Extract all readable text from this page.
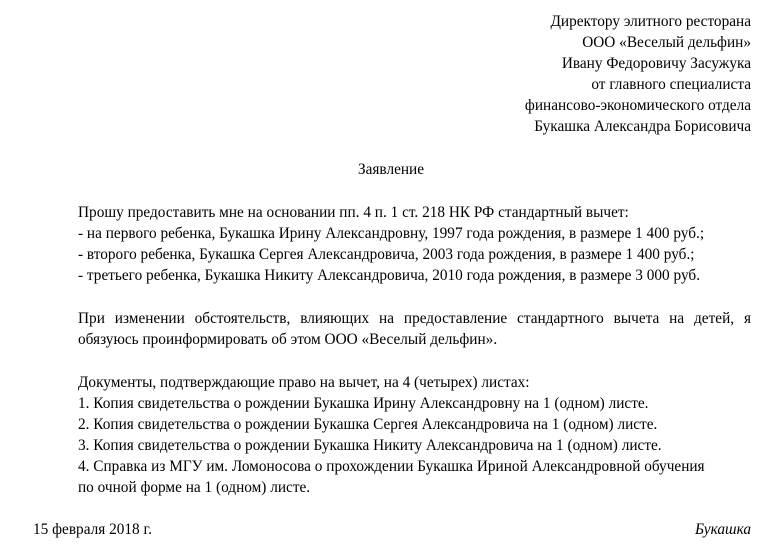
Директору элитного ресторана
ООО «Веселый дельфин»
Ивану Федоровичу Засужука
от главного специалиста
финансово-экономического отдела
Букашка Александра Борисовича
Заявление
Прошу предоставить мне на основании пп. 4 п. 1 ст. 218 НК РФ стандартный вычет:
- на первого ребенка, Букашка Ирину Александровну, 1997 года рождения, в размере 1 400 руб.;
- второго ребенка, Букашка Сергея Александровича, 2003 года рождения, в размере 1 400 руб.;
- третьего ребенка, Букашка Никиту Александровича, 2010 года рождения, в размере 3 000 руб.
При изменении обстоятельств, влияющих на предоставление стандартного вычета на детей, я
обязуюсь проинформировать об этом ООО «Веселый дельфин».
Документы, подтверждающие право на вычет, на 4 (четырех) листах:
1. Копия свидетельства о рождении Букашка Ирину Александровну на 1 (одном) листе.
2. Копия свидетельства о рождении Букашка Сергея Александровича на 1 (одном) листе.
3. Копия свидетельства о рождении Букашка Никиту Александровича на 1 (одном) листе.
4. Справка из МГУ им. Ломоносова о прохождении Букашка Ириной Александровной обучения
по очной форме на 1 (одном) листе.
15 февраля 2018 г.	Букашка
